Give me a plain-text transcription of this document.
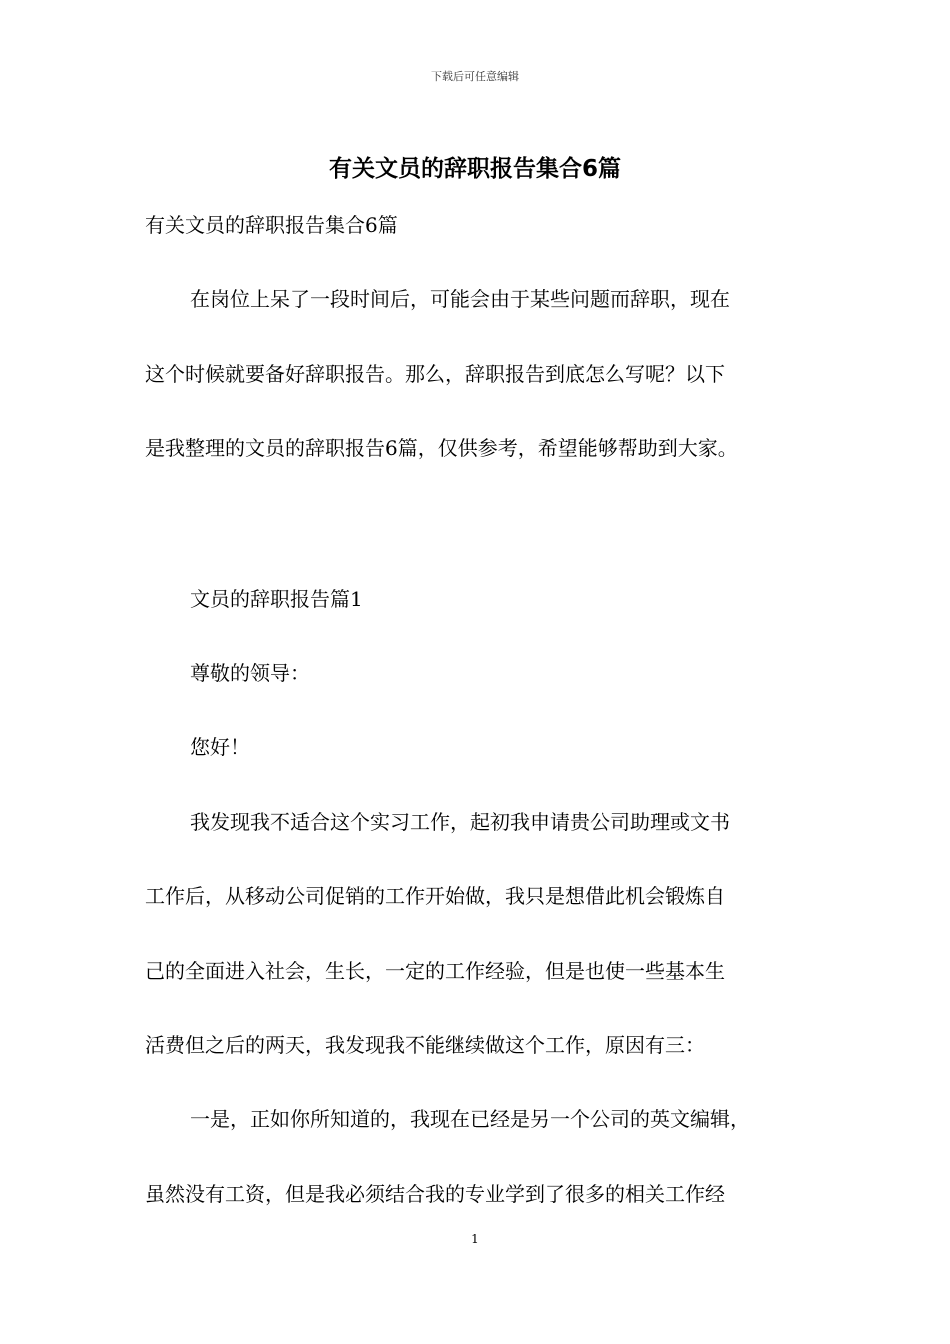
下载后可任意编辑
有关文员的辞职报告集合6篇
有关文员的辞职报告集合6篇
在岗位上呆了一段时间后，可能会由于某些问题而辞职，现在
这个时候就要备好辞职报告。那么，辞职报告到底怎么写呢？以下
是我整理的文员的辞职报告6篇，仅供参考，希望能够帮助到大家。
文员的辞职报告篇1
尊敬的领导：
您好！
我发现我不适合这个实习工作，起初我申请贵公司助理或文书
工作后，从移动公司促销的工作开始做，我只是想借此机会锻炼自
己的全面进入社会，生长，一定的工作经验，但是也使一些基本生
活费但之后的两天，我发现我不能继续做这个工作，原因有三：
一是，正如你所知道的，我现在已经是另一个公司的英文编辑，
虽然没有工资，但是我必须结合我的专业学到了很多的相关工作经
1
